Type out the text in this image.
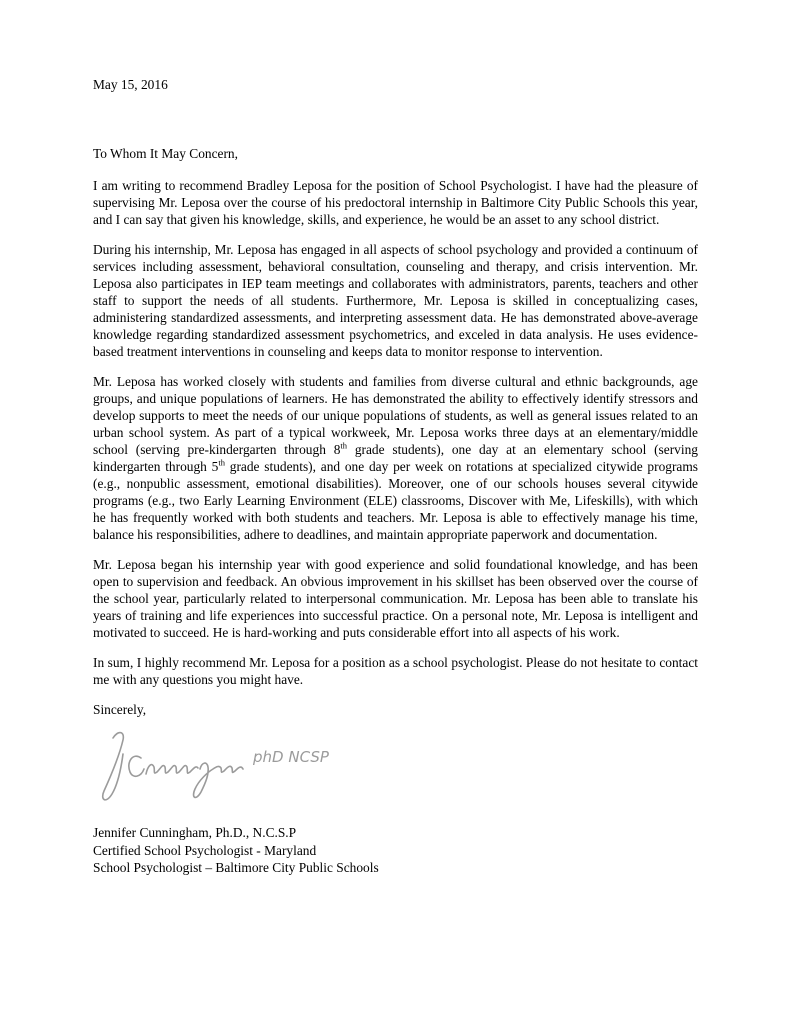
May 15, 2016
To Whom It May Concern,

I am writing to recommend Bradley Leposa for the position of School Psychologist. I have had the pleasure of supervising Mr. Leposa over the course of his predoctoral internship in Baltimore City Public Schools this year, and I can say that given his knowledge, skills, and experience, he would be an asset to any school district.

During his internship, Mr. Leposa has engaged in all aspects of school psychology and provided a continuum of services including assessment, behavioral consultation, counseling and therapy, and crisis intervention. Mr. Leposa also participates in IEP team meetings and collaborates with administrators, parents, teachers and other staff to support the needs of all students. Furthermore, Mr. Leposa is skilled in conceptualizing cases, administering standardized assessments, and interpreting assessment data. He has demonstrated above-average knowledge regarding standardized assessment psychometrics, and exceled in data analysis. He uses evidence-based treatment interventions in counseling and keeps data to monitor response to intervention.

Mr. Leposa has worked closely with students and families from diverse cultural and ethnic backgrounds, age groups, and unique populations of learners. He has demonstrated the ability to effectively identify stressors and develop supports to meet the needs of our unique populations of students, as well as general issues related to an urban school system. As part of a typical workweek, Mr. Leposa works three days at an elementary/middle school (serving pre-kindergarten through 8th grade students), one day at an elementary school (serving kindergarten through 5th grade students), and one day per week on rotations at specialized citywide programs (e.g., nonpublic assessment, emotional disabilities). Moreover, one of our schools houses several citywide programs (e.g., two Early Learning Environment (ELE) classrooms, Discover with Me, Lifeskills), with which he has frequently worked with both students and teachers. Mr. Leposa is able to effectively manage his time, balance his responsibilities, adhere to deadlines, and maintain appropriate paperwork and documentation.

Mr. Leposa began his internship year with good experience and solid foundational knowledge, and has been open to supervision and feedback. An obvious improvement in his skillset has been observed over the course of the school year, particularly related to interpersonal communication. Mr. Leposa has been able to translate his years of training and life experiences into successful practice. On a personal note, Mr. Leposa is intelligent and motivated to succeed. He is hard-working and puts considerable effort into all aspects of his work.

In sum, I highly recommend Mr. Leposa for a position as a school psychologist. Please do not hesitate to contact me with any questions you might have.

Sincerely,
phD NCSP
Jennifer Cunningham, Ph.D., N.C.S.P
Certified School Psychologist - Maryland
School Psychologist – Baltimore City Public Schools
